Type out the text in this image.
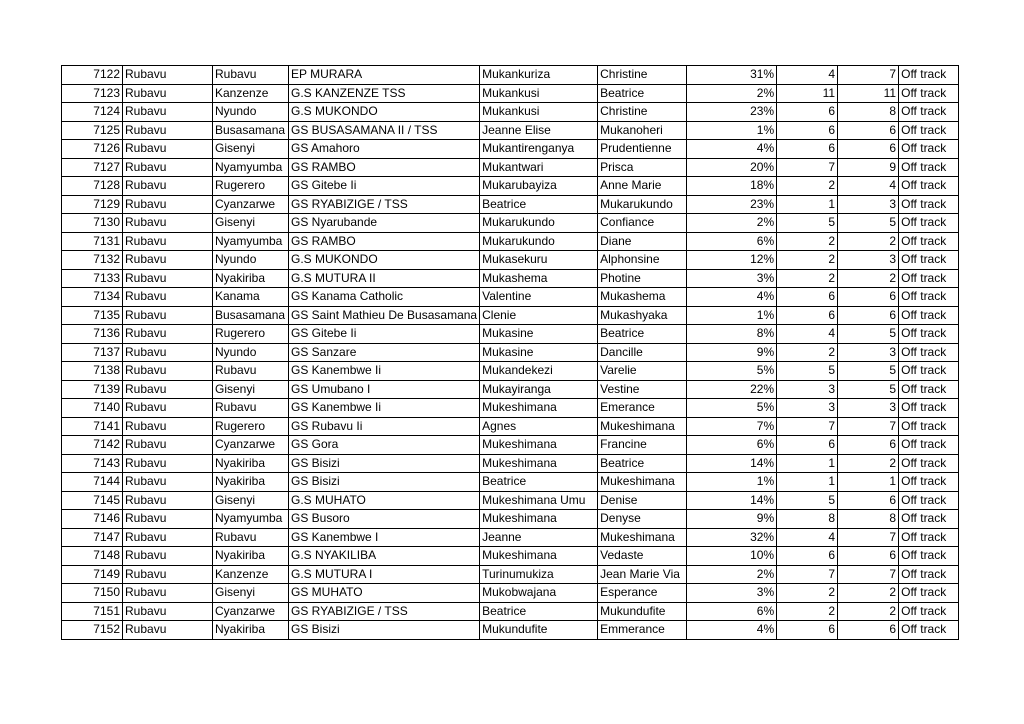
7122	Rubavu	Rubavu	EP MURARA	Mukankuriza	Christine	31%	4	7	Off track
7123	Rubavu	Kanzenze	G.S KANZENZE TSS	Mukankusi	Beatrice	2%	11	11	Off track
7124	Rubavu	Nyundo	G.S MUKONDO	Mukankusi	Christine	23%	6	8	Off track
7125	Rubavu	Busasamana	GS BUSASAMANA II / TSS	Jeanne Elise	Mukanoheri	1%	6	6	Off track
7126	Rubavu	Gisenyi	GS Amahoro	Mukantirenganya	Prudentienne	4%	6	6	Off track
7127	Rubavu	Nyamyumba	GS RAMBO	Mukantwari	Prisca	20%	7	9	Off track
7128	Rubavu	Rugerero	GS Gitebe Ii	Mukarubayiza	Anne Marie	18%	2	4	Off track
7129	Rubavu	Cyanzarwe	GS RYABIZIGE / TSS	Beatrice	Mukarukundo	23%	1	3	Off track
7130	Rubavu	Gisenyi	GS Nyarubande	Mukarukundo	Confiance	2%	5	5	Off track
7131	Rubavu	Nyamyumba	GS RAMBO	Mukarukundo	Diane	6%	2	2	Off track
7132	Rubavu	Nyundo	G.S MUKONDO	Mukasekuru	Alphonsine	12%	2	3	Off track
7133	Rubavu	Nyakiriba	G.S MUTURA II	Mukashema	Photine	3%	2	2	Off track
7134	Rubavu	Kanama	GS Kanama Catholic	Valentine	Mukashema	4%	6	6	Off track
7135	Rubavu	Busasamana	GS Saint Mathieu De Busasamana	Clenie	Mukashyaka	1%	6	6	Off track
7136	Rubavu	Rugerero	GS Gitebe Ii	Mukasine	Beatrice	8%	4	5	Off track
7137	Rubavu	Nyundo	GS Sanzare	Mukasine	Dancille	9%	2	3	Off track
7138	Rubavu	Rubavu	GS Kanembwe Ii	Mukandekezi	Varelie	5%	5	5	Off track
7139	Rubavu	Gisenyi	GS Umubano I	Mukayiranga	Vestine	22%	3	5	Off track
7140	Rubavu	Rubavu	GS Kanembwe Ii	Mukeshimana	Emerance	5%	3	3	Off track
7141	Rubavu	Rugerero	GS Rubavu Ii	Agnes	Mukeshimana	7%	7	7	Off track
7142	Rubavu	Cyanzarwe	GS Gora	Mukeshimana	Francine	6%	6	6	Off track
7143	Rubavu	Nyakiriba	GS Bisizi	Mukeshimana	Beatrice	14%	1	2	Off track
7144	Rubavu	Nyakiriba	GS Bisizi	Beatrice	Mukeshimana	1%	1	1	Off track
7145	Rubavu	Gisenyi	G.S MUHATO	Mukeshimana Umu	Denise	14%	5	6	Off track
7146	Rubavu	Nyamyumba	GS Busoro	Mukeshimana	Denyse	9%	8	8	Off track
7147	Rubavu	Rubavu	GS Kanembwe I	Jeanne	Mukeshimana	32%	4	7	Off track
7148	Rubavu	Nyakiriba	G.S NYAKILIBA	Mukeshimana	Vedaste	10%	6	6	Off track
7149	Rubavu	Kanzenze	G.S MUTURA I	Turinumukiza	Jean Marie Via	2%	7	7	Off track
7150	Rubavu	Gisenyi	GS MUHATO	Mukobwajana	Esperance	3%	2	2	Off track
7151	Rubavu	Cyanzarwe	GS RYABIZIGE / TSS	Beatrice	Mukundufite	6%	2	2	Off track
7152	Rubavu	Nyakiriba	GS Bisizi	Mukundufite	Emmerance	4%	6	6	Off track
